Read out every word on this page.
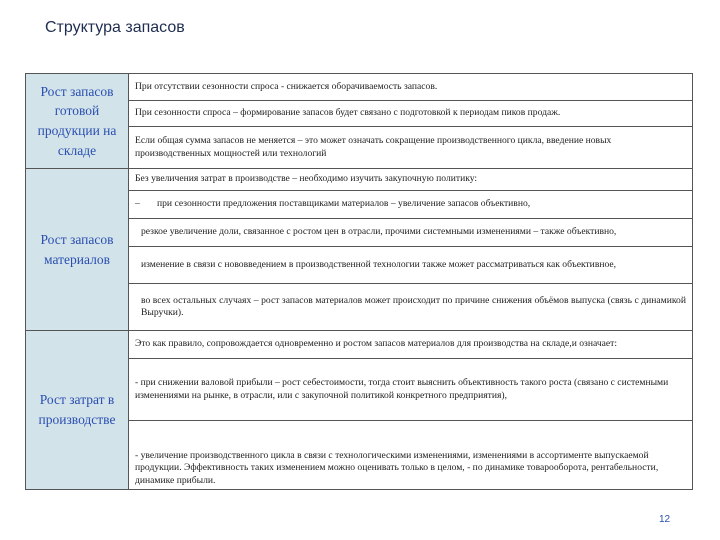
Структура запасов
Рост запасов готовой продукции на складе	При отсутствии сезонности спроса - снижается оборачиваемость запасов.
	При сезонности спроса – формирование запасов будет связано с подготовкой к периодам пиков продаж.
	Если общая сумма запасов не меняется – это может означать сокращение производственного цикла, введение новых производственных мощностей или технологий
Рост запасов материалов	Без увеличения затрат в производстве – необходимо изучить закупочную политику:
	– при сезонности предложения поставщиками материалов – увеличение запасов объективно,
	резкое увеличение доли, связанное с ростом цен в отрасли, прочими системными изменениями – также объективно,
	изменение в связи с нововведением в производственной технологии также может рассматриваться как объективное,
	во всех остальных случаях – рост запасов материалов может происходит по причине снижения объёмов выпуска (связь с динамикой Выручки).
Рост затрат в производстве	Это как правило, сопровождается одновременно и ростом запасов материалов для производства на складе,и означает:
	- при снижении валовой прибыли – рост себестоимости, тогда стоит выяснить объективность такого роста (связано с системными изменениями на рынке, в отрасли, или с закупочной политикой конкретного предприятия),
	- увеличение производственного цикла в связи с технологическими изменениями, изменениями в ассортименте выпускаемой продукции. Эффективность таких изменением можно оценивать только в целом, - по динамике товарооборота, рентабельности, динамике прибыли.
12
